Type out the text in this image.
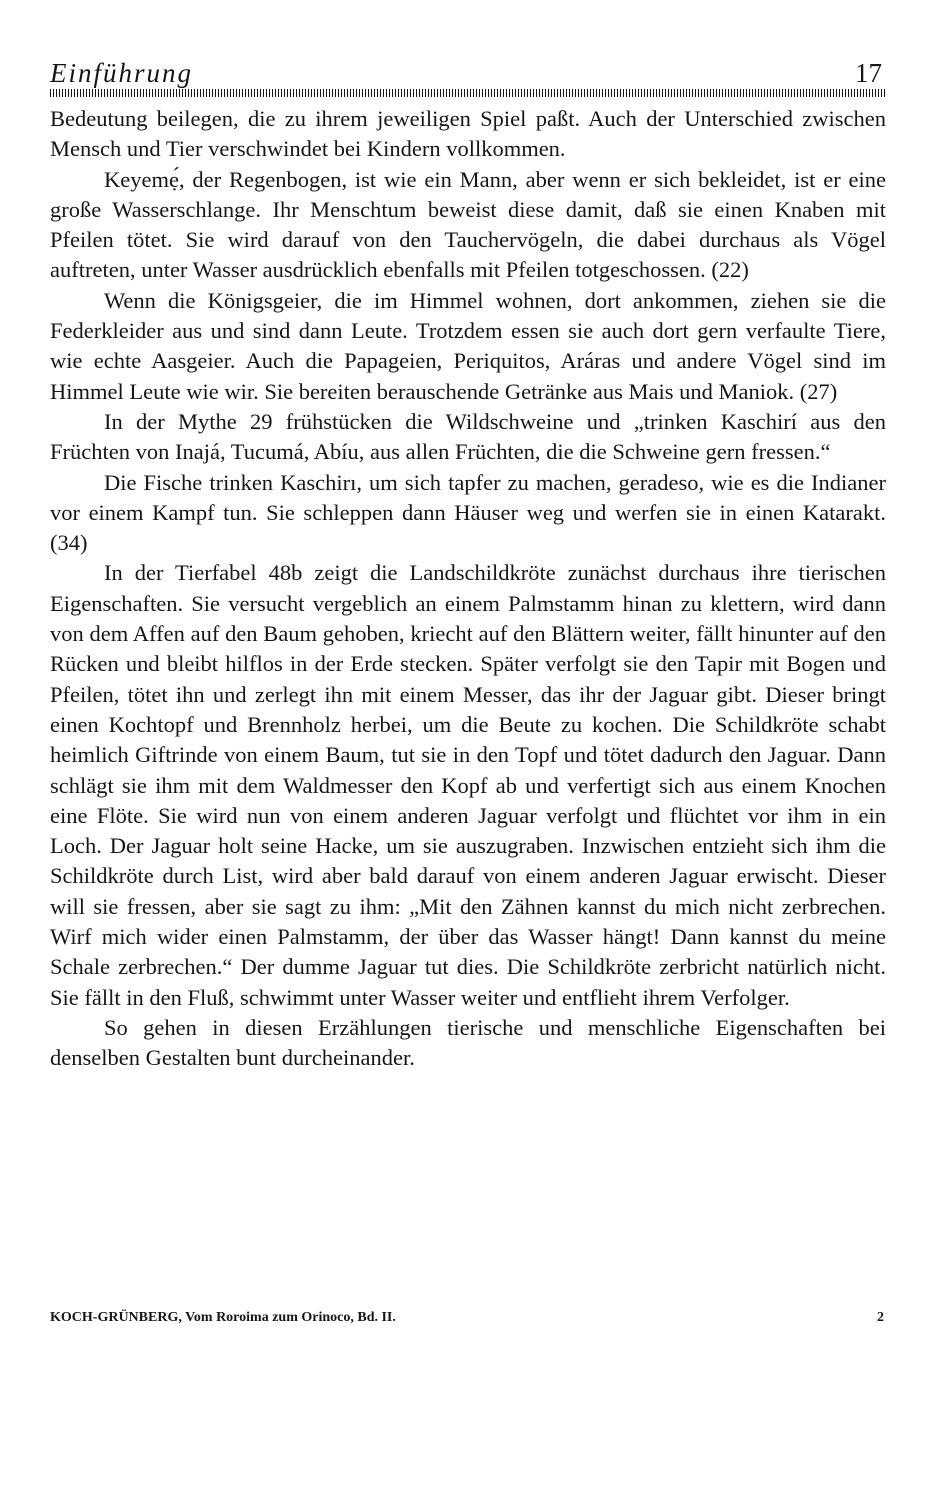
Einführung	17

Bedeutung beilegen, die zu ihrem jeweiligen Spiel paßt. Auch der Unterschied zwischen Mensch und Tier verschwindet bei Kindern vollkommen.

Keyemẹ́, der Regenbogen, ist wie ein Mann, aber wenn er sich bekleidet, ist er eine große Wasserschlange. Ihr Menschtum beweist diese damit, daß sie einen Knaben mit Pfeilen tötet. Sie wird darauf von den Tauchervögeln, die dabei durchaus als Vögel auftreten, unter Wasser ausdrücklich ebenfalls mit Pfeilen totgeschossen. (22)

Wenn die Königsgeier, die im Himmel wohnen, dort ankommen, ziehen sie die Federkleider aus und sind dann Leute. Trotzdem essen sie auch dort gern verfaulte Tiere, wie echte Aasgeier. Auch die Papageien, Periquitos, Aráras und andere Vögel sind im Himmel Leute wie wir. Sie bereiten berauschende Getränke aus Mais und Maniok. (27)

In der Mythe 29 frühstücken die Wildschweine und „trinken Kaschirí aus den Früchten von Inajá, Tucumá, Abíu, aus allen Früchten, die die Schweine gern fressen.“

Die Fische trinken Kaschirı, um sich tapfer zu machen, geradeso, wie es die Indianer vor einem Kampf tun. Sie schleppen dann Häuser weg und werfen sie in einen Katarakt. (34)

In der Tierfabel 48b zeigt die Landschildkröte zunächst durchaus ihre tierischen Eigenschaften. Sie versucht vergeblich an einem Palmstamm hinan zu klettern, wird dann von dem Affen auf den Baum gehoben, kriecht auf den Blättern weiter, fällt hinunter auf den Rücken und bleibt hilflos in der Erde stecken. Später verfolgt sie den Tapir mit Bogen und Pfeilen, tötet ihn und zerlegt ihn mit einem Messer, das ihr der Jaguar gibt. Dieser bringt einen Kochtopf und Brennholz herbei, um die Beute zu kochen. Die Schildkröte schabt heimlich Giftrinde von einem Baum, tut sie in den Topf und tötet dadurch den Jaguar. Dann schlägt sie ihm mit dem Waldmesser den Kopf ab und verfertigt sich aus einem Knochen eine Flöte. Sie wird nun von einem anderen Jaguar verfolgt und flüchtet vor ihm in ein Loch. Der Jaguar holt seine Hacke, um sie auszugraben. Inzwischen entzieht sich ihm die Schildkröte durch List, wird aber bald darauf von einem anderen Jaguar erwischt. Dieser will sie fressen, aber sie sagt zu ihm: „Mit den Zähnen kannst du mich nicht zerbrechen. Wirf mich wider einen Palmstamm, der über das Wasser hängt! Dann kannst du meine Schale zerbrechen.“ Der dumme Jaguar tut dies. Die Schildkröte zerbricht natürlich nicht. Sie fällt in den Fluß, schwimmt unter Wasser weiter und entflieht ihrem Verfolger.

So gehen in diesen Erzählungen tierische und menschliche Eigenschaften bei denselben Gestalten bunt durcheinander.

KOCH-GRÜNBERG, Vom Roroima zum Orinoco, Bd. II.	2
